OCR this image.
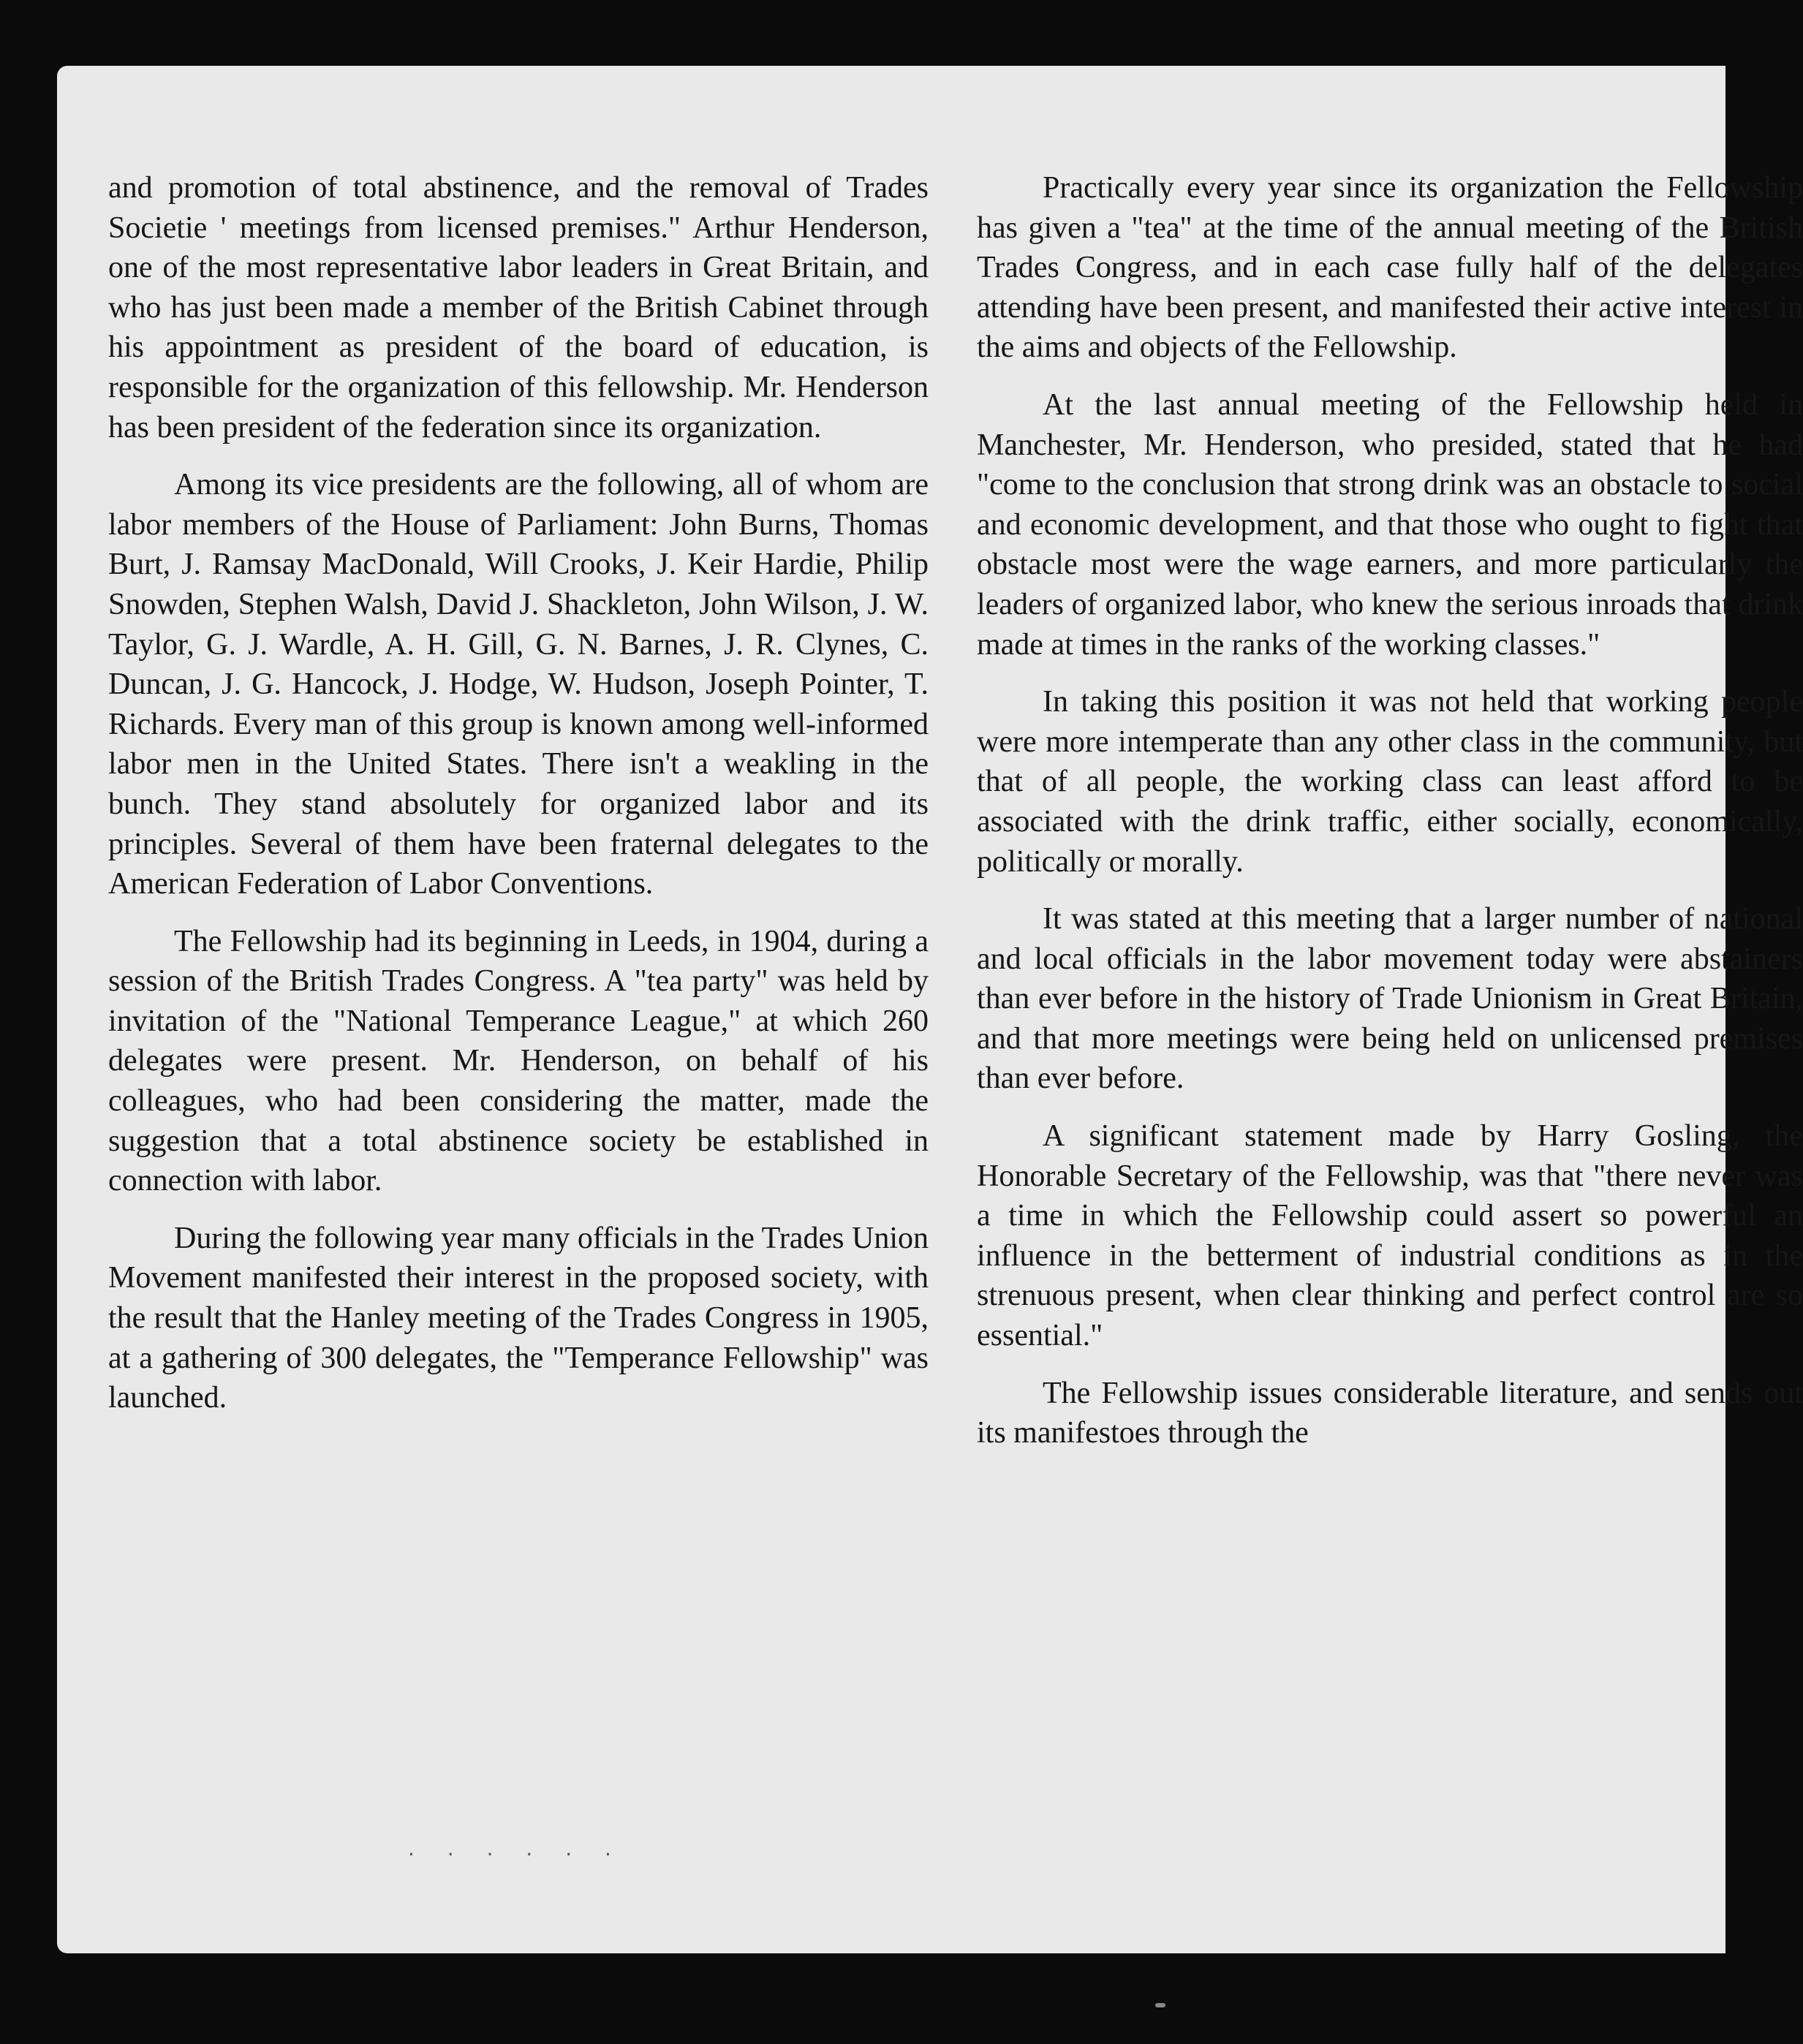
and promotion of total abstinence, and the removal of Trades Societie ' meetings from licensed premises." Arthur Henderson, one of the most representative labor leaders in Great Britain, and who has just been made a member of the British Cabinet through his appointment as president of the board of education, is responsible for the organization of this fellowship. Mr. Henderson has been president of the federation since its organization.

Among its vice presidents are the following, all of whom are labor members of the House of Parliament: John Burns, Thomas Burt, J. Ramsay MacDonald, Will Crooks, J. Keir Hardie, Philip Snowden, Stephen Walsh, David J. Shackleton, John Wilson, J. W. Taylor, G. J. Wardle, A. H. Gill, G. N. Barnes, J. R. Clynes, C. Duncan, J. G. Hancock, J. Hodge, W. Hudson, Joseph Pointer, T. Richards. Every man of this group is known among well-informed labor men in the United States. There isn't a weakling in the bunch. They stand absolutely for organized labor and its principles. Several of them have been fraternal delegates to the American Federation of Labor Conventions.

The Fellowship had its beginning in Leeds, in 1904, during a session of the British Trades Congress. A "tea party" was held by invitation of the "National Temperance League," at which 260 delegates were present. Mr. Henderson, on behalf of his colleagues, who had been considering the matter, made the suggestion that a total abstinence society be established in connection with labor.

During the following year many officials in the Trades Union Movement manifested their interest in the proposed society, with the result that the Hanley meeting of the Trades Congress in 1905, at a gathering of 300 delegates, the "Temperance Fellowship" was launched.

Practically every year since its organization the Fellowship has given a "tea" at the time of the annual meeting of the British Trades Congress, and in each case fully half of the delegates attending have been present, and manifested their active interest in the aims and objects of the Fellowship.

At the last annual meeting of the Fellowship held in Manchester, Mr. Henderson, who presided, stated that he had "come to the conclusion that strong drink was an obstacle to social and economic development, and that those who ought to fight that obstacle most were the wage earners, and more particularly the leaders of organized labor, who knew the serious inroads that drink made at times in the ranks of the working classes."

In taking this position it was not held that working people were more intemperate than any other class in the community, but that of all people, the working class can least afford to be associated with the drink traffic, either socially, economically, politically or morally.

It was stated at this meeting that a larger number of national and local officials in the labor movement today were abstainers than ever before in the history of Trade Unionism in Great Britain, and that more meetings were being held on unlicensed premises than ever before.

A significant statement made by Harry Gosling, the Honorable Secretary of the Fellowship, was that "there never was a time in which the Fellowship could assert so powerful an influence in the betterment of industrial conditions as in the strenuous present, when clear thinking and perfect control are so essential."

The Fellowship issues considerable literature, and sends out its manifestoes through the

· · · · · ·
